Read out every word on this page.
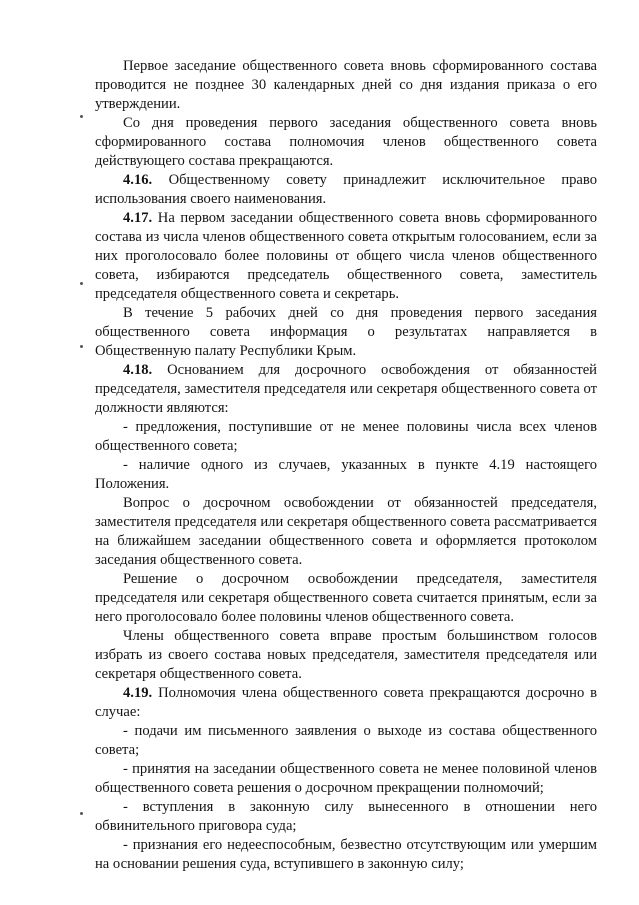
Первое заседание общественного совета вновь сформированного состава проводится не позднее 30 календарных дней со дня издания приказа о его утверждении.

Со дня проведения первого заседания общественного совета вновь сформированного состава полномочия членов общественного совета действующего состава прекращаются.

4.16. Общественному совету принадлежит исключительное право использования своего наименования.

4.17. На первом заседании общественного совета вновь сформированного состава из числа членов общественного совета открытым голосованием, если за них проголосовало более половины от общего числа членов общественного совета, избираются председатель общественного совета, заместитель председателя общественного совета и секретарь.

В течение 5 рабочих дней со дня проведения первого заседания общественного совета информация о результатах направляется в Общественную палату Республики Крым.

4.18. Основанием для досрочного освобождения от обязанностей председателя, заместителя председателя или секретаря общественного совета от должности являются:

- предложения, поступившие от не менее половины числа всех членов общественного совета;

- наличие одного из случаев, указанных в пункте 4.19 настоящего Положения.

Вопрос о досрочном освобождении от обязанностей председателя, заместителя председателя или секретаря общественного совета рассматривается на ближайшем заседании общественного совета и оформляется протоколом заседания общественного совета.

Решение о досрочном освобождении председателя, заместителя председателя или секретаря общественного совета считается принятым, если за него проголосовало более половины членов общественного совета.

Члены общественного совета вправе простым большинством голосов избрать из своего состава новых председателя, заместителя председателя или секретаря общественного совета.

4.19. Полномочия члена общественного совета прекращаются досрочно в случае:

- подачи им письменного заявления о выходе из состава общественного совета;

- принятия на заседании общественного совета не менее половиной членов общественного совета решения о досрочном прекращении полномочий;

- вступления в законную силу вынесенного в отношении него обвинительного приговора суда;

- признания его недееспособным, безвестно отсутствующим или умершим на основании решения суда, вступившего в законную силу;
